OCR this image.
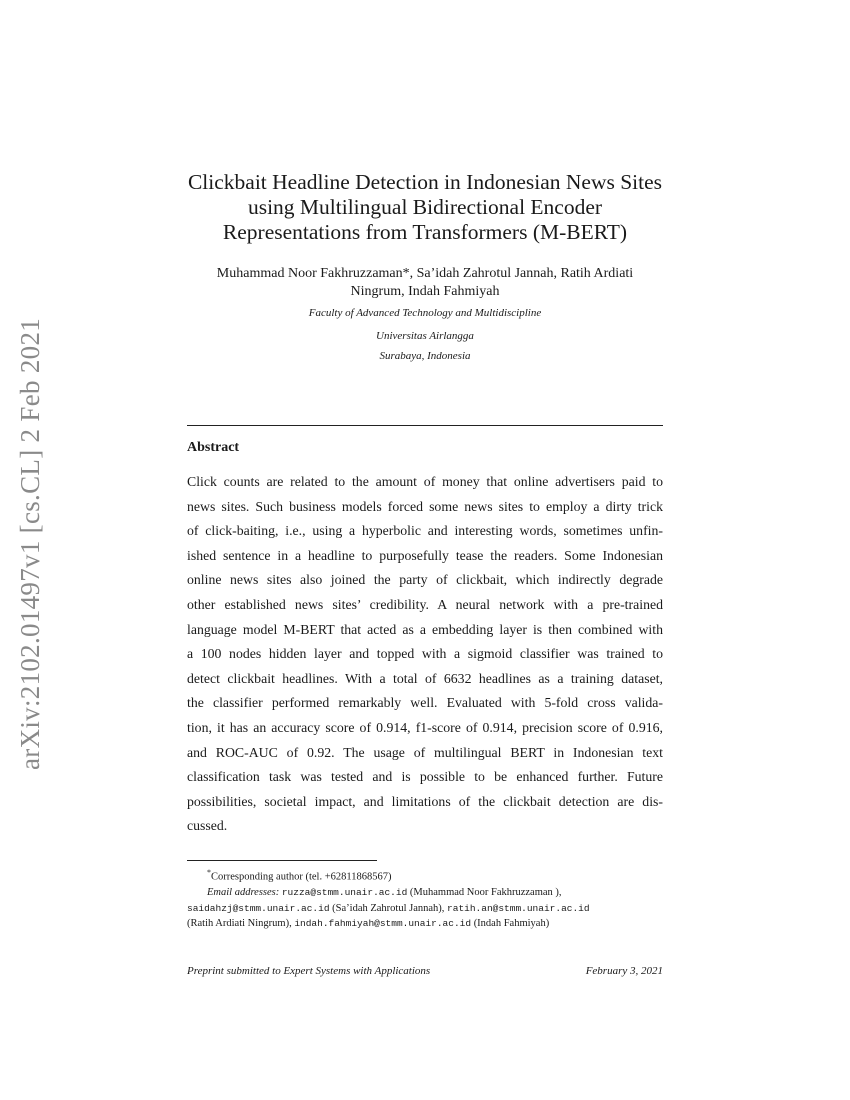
arXiv:2102.01497v1 [cs.CL] 2 Feb 2021
Clickbait Headline Detection in Indonesian News Sites
using Multilingual Bidirectional Encoder
Representations from Transformers (M-BERT)
Muhammad Noor Fakhruzzaman*, Sa’idah Zahrotul Jannah, Ratih Ardiati
Ningrum, Indah Fahmiyah
Faculty of Advanced Technology and Multidiscipline
Universitas Airlangga
Surabaya, Indonesia
Abstract
Click counts are related to the amount of money that online advertisers paid to
news sites. Such business models forced some news sites to employ a dirty trick
of click-baiting, i.e., using a hyperbolic and interesting words, sometimes unfin-
ished sentence in a headline to purposefully tease the readers. Some Indonesian
online news sites also joined the party of clickbait, which indirectly degrade
other established news sites’ credibility. A neural network with a pre-trained
language model M-BERT that acted as a embedding layer is then combined with
a 100 nodes hidden layer and topped with a sigmoid classifier was trained to
detect clickbait headlines. With a total of 6632 headlines as a training dataset,
the classifier performed remarkably well. Evaluated with 5-fold cross valida-
tion, it has an accuracy score of 0.914, f1-score of 0.914, precision score of 0.916,
and ROC-AUC of 0.92. The usage of multilingual BERT in Indonesian text
classification task was tested and is possible to be enhanced further. Future
possibilities, societal impact, and limitations of the clickbait detection are dis-
cussed.
*Corresponding author (tel. +62811868567)
Email addresses: ruzza@stmm.unair.ac.id (Muhammad Noor Fakhruzzaman ),
saidahzj@stmm.unair.ac.id (Sa’idah Zahrotul Jannah), ratih.an@stmm.unair.ac.id
(Ratih Ardiati Ningrum), indah.fahmiyah@stmm.unair.ac.id (Indah Fahmiyah)
Preprint submitted to Expert Systems with Applications	February 3, 2021
